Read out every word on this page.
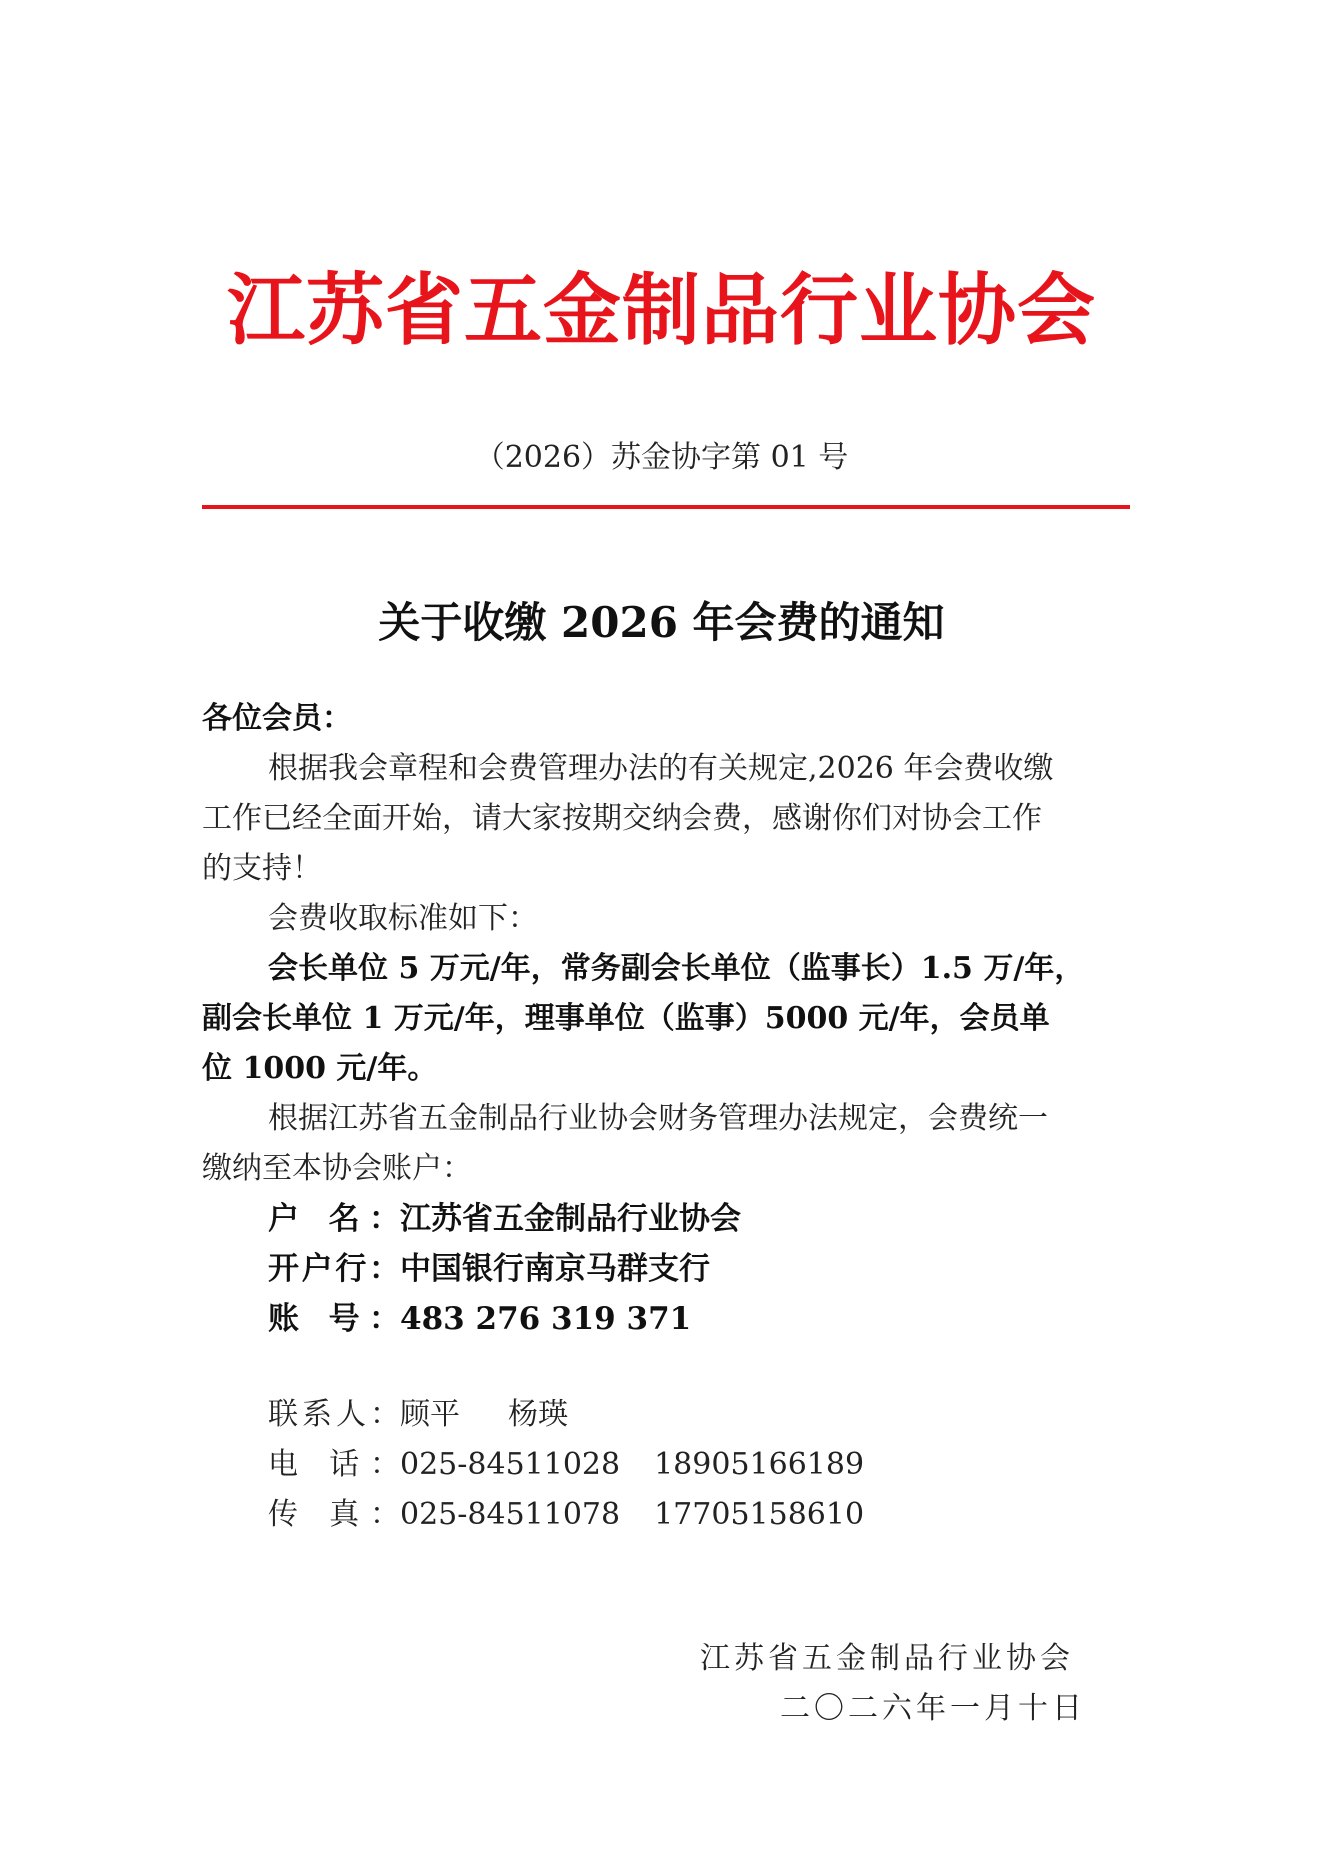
江苏省五金制品行业协会
（2026）苏金协字第 01 号
关于收缴 2026 年会费的通知
各位会员：
根据我会章程和会费管理办法的有关规定,2026 年会费收缴
工作已经全面开始，请大家按期交纳会费，感谢你们对协会工作
的支持！
会费收取标准如下：
会长单位 5 万元/年，常务副会长单位（监事长）1.5 万/年，
副会长单位 1 万元/年，理事单位（监事）5000 元/年，会员单
位 1000 元/年。
根据江苏省五金制品行业协会财务管理办法规定，会费统一
缴纳至本协会账户：
户 名：江苏省五金制品行业协会
开户行：中国银行南京马群支行
账 号：483 276 319 371
联系人：顾平 杨瑛
电 话：025-84511028 18905166189
传 真：025-84511078 17705158610
江苏省五金制品行业协会
二〇二六年一月十日
